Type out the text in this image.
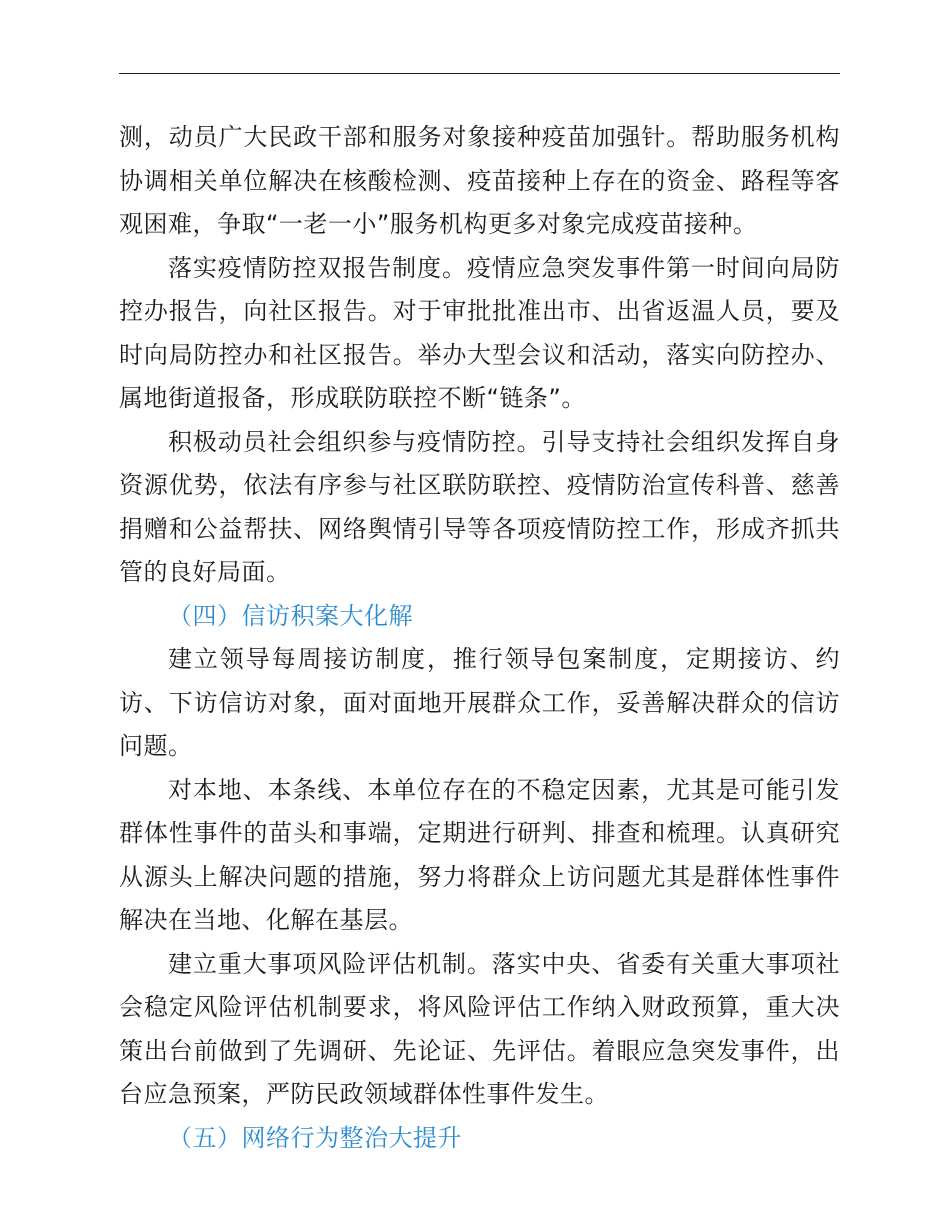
测，动员广大民政干部和服务对象接种疫苗加强针。帮助服务机构协调相关单位解决在核酸检测、疫苗接种上存在的资金、路程等客观困难，争取“一老一小”服务机构更多对象完成疫苗接种。

落实疫情防控双报告制度。疫情应急突发事件第一时间向局防控办报告，向社区报告。对于审批批准出市、出省返温人员，要及时向局防控办和社区报告。举办大型会议和活动，落实向防控办、属地街道报备，形成联防联控不断“链条”。

积极动员社会组织参与疫情防控。引导支持社会组织发挥自身资源优势，依法有序参与社区联防联控、疫情防治宣传科普、慈善捐赠和公益帮扶、网络舆情引导等各项疫情防控工作，形成齐抓共管的良好局面。

（四）信访积案大化解

建立领导每周接访制度，推行领导包案制度，定期接访、约访、下访信访对象，面对面地开展群众工作，妥善解决群众的信访问题。

对本地、本条线、本单位存在的不稳定因素，尤其是可能引发群体性事件的苗头和事端，定期进行研判、排查和梳理。认真研究从源头上解决问题的措施，努力将群众上访问题尤其是群体性事件解决在当地、化解在基层。

建立重大事项风险评估机制。落实中央、省委有关重大事项社会稳定风险评估机制要求，将风险评估工作纳入财政预算，重大决策出台前做到了先调研、先论证、先评估。着眼应急突发事件，出台应急预案，严防民政领域群体性事件发生。

（五）网络行为整治大提升
